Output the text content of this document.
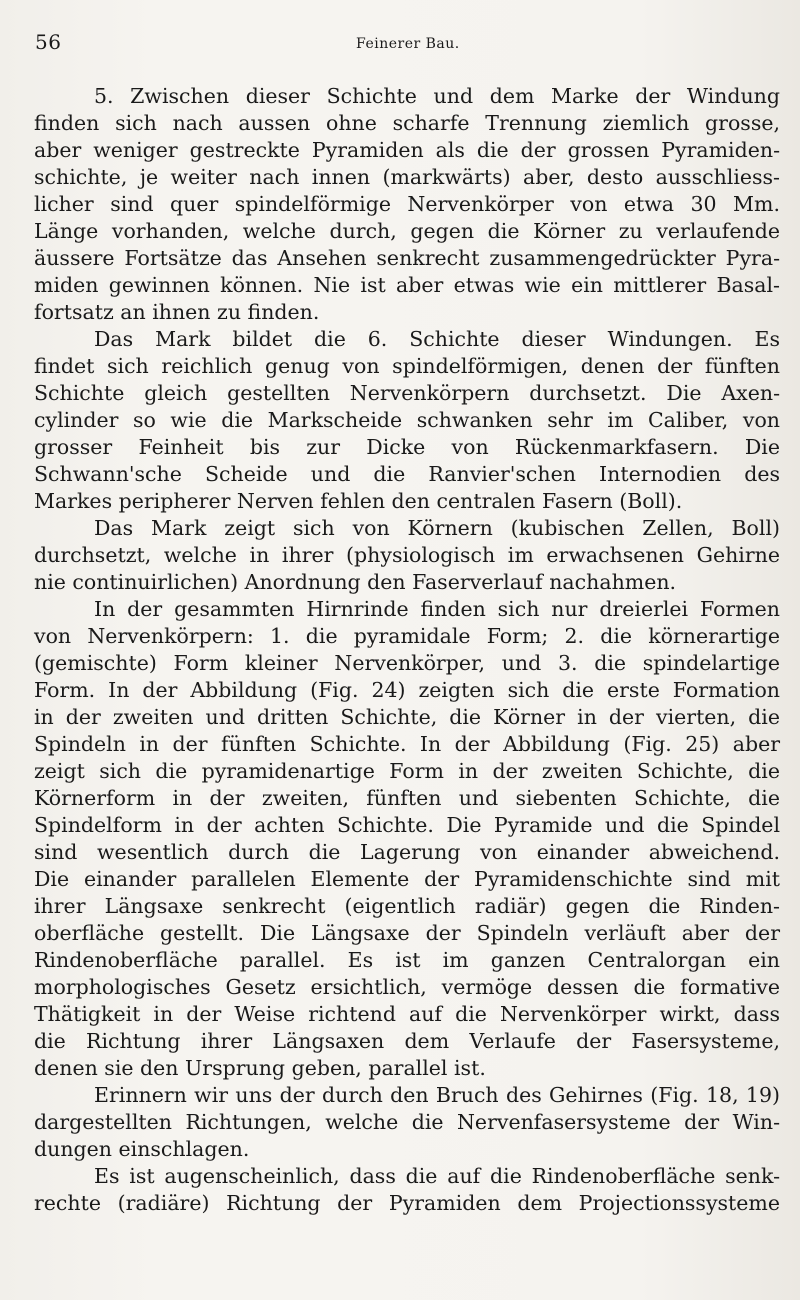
56	Feinerer Bau.
5. Zwischen dieser Schichte und dem Marke der Windung
finden sich nach aussen ohne scharfe Trennung ziemlich grosse,
aber weniger gestreckte Pyramiden als die der grossen Pyramiden-
schichte, je weiter nach innen (markwärts) aber, desto ausschliess-
licher sind quer spindelförmige Nervenkörper von etwa 30 Mm.
Länge vorhanden, welche durch, gegen die Körner zu verlaufende
äussere Fortsätze das Ansehen senkrecht zusammengedrückter Pyra-
miden gewinnen können. Nie ist aber etwas wie ein mittlerer Basal-
fortsatz an ihnen zu finden.
Das Mark bildet die 6. Schichte dieser Windungen. Es
findet sich reichlich genug von spindelförmigen, denen der fünften
Schichte gleich gestellten Nervenkörpern durchsetzt. Die Axen-
cylinder so wie die Markscheide schwanken sehr im Caliber, von
grosser Feinheit bis zur Dicke von Rückenmarkfasern. Die
Schwann'sche Scheide und die Ranvier'schen Internodien des
Markes peripherer Nerven fehlen den centralen Fasern (Boll).
Das Mark zeigt sich von Körnern (kubischen Zellen, Boll)
durchsetzt, welche in ihrer (physiologisch im erwachsenen Gehirne
nie continuirlichen) Anordnung den Faserverlauf nachahmen.
In der gesammten Hirnrinde finden sich nur dreierlei Formen
von Nervenkörpern: 1. die pyramidale Form; 2. die körnerartige
(gemischte) Form kleiner Nervenkörper, und 3. die spindelartige
Form. In der Abbildung (Fig. 24) zeigten sich die erste Formation
in der zweiten und dritten Schichte, die Körner in der vierten, die
Spindeln in der fünften Schichte. In der Abbildung (Fig. 25) aber
zeigt sich die pyramidenartige Form in der zweiten Schichte, die
Körnerform in der zweiten, fünften und siebenten Schichte, die
Spindelform in der achten Schichte. Die Pyramide und die Spindel
sind wesentlich durch die Lagerung von einander abweichend.
Die einander parallelen Elemente der Pyramidenschichte sind mit
ihrer Längsaxe senkrecht (eigentlich radiär) gegen die Rinden-
oberfläche gestellt. Die Längsaxe der Spindeln verläuft aber der
Rindenoberfläche parallel. Es ist im ganzen Centralorgan ein
morphologisches Gesetz ersichtlich, vermöge dessen die formative
Thätigkeit in der Weise richtend auf die Nervenkörper wirkt, dass
die Richtung ihrer Längsaxen dem Verlaufe der Fasersysteme,
denen sie den Ursprung geben, parallel ist.
Erinnern wir uns der durch den Bruch des Gehirnes (Fig. 18, 19)
dargestellten Richtungen, welche die Nervenfasersysteme der Win-
dungen einschlagen.
Es ist augenscheinlich, dass die auf die Rindenoberfläche senk-
rechte (radiäre) Richtung der Pyramiden dem Projectionssysteme
